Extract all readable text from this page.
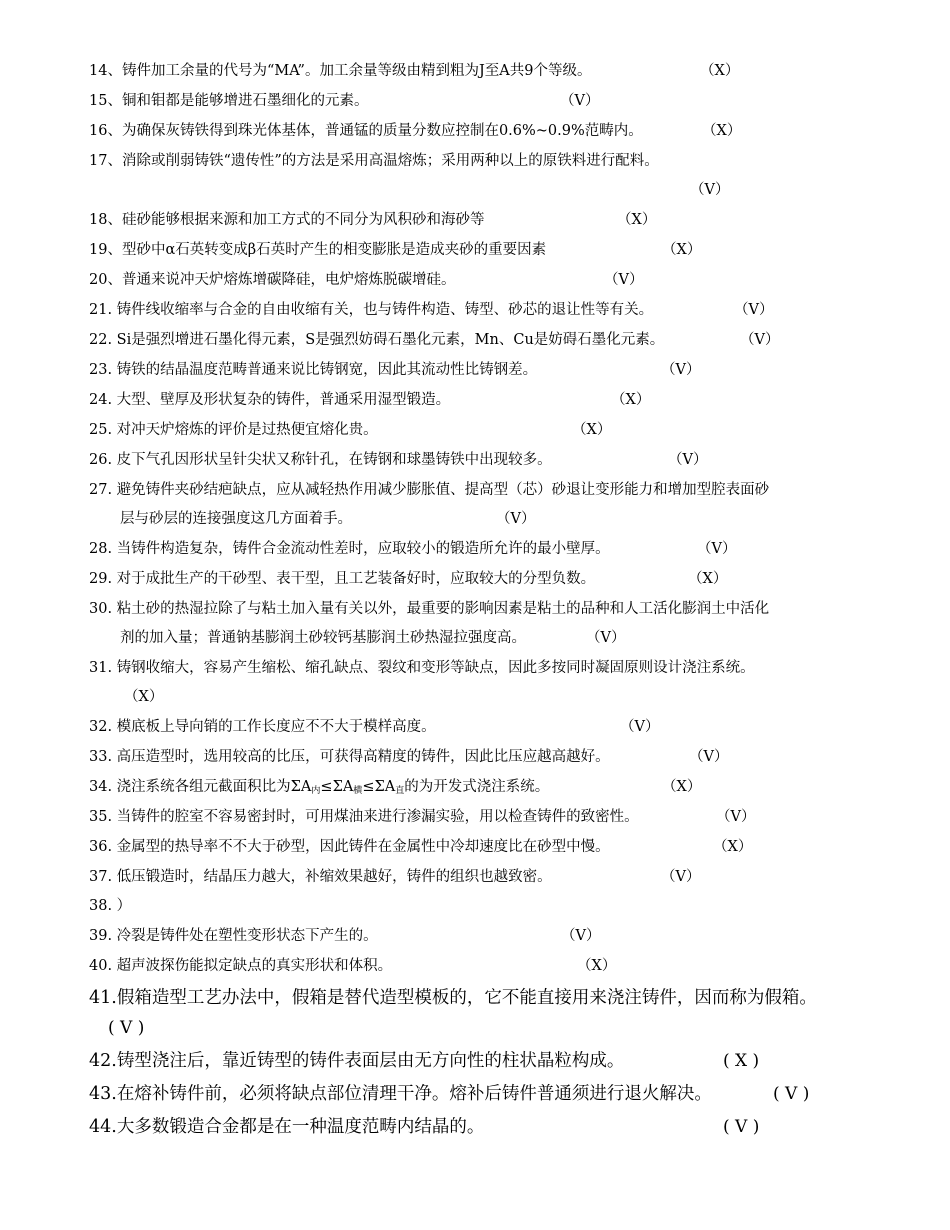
14、铸件加工余量的代号为“MA”。加工余量等级由精到粗为J至A共9个等级。	（X）
15、铜和钼都是能够增进石墨细化的元素。	（V）
16、为确保灰铸铁得到珠光体基体，普通锰的质量分数应控制在0.6%~0.9%范畴内。	（X）
17、消除或削弱铸铁“遗传性”的方法是采用高温熔炼；采用两种以上的原铁料进行配料。
（V）
18、硅砂能够根据来源和加工方式的不同分为风积砂和海砂等	（X）
19、型砂中α石英转变成β石英时产生的相变膨胀是造成夹砂的重要因素	（X）
20、普通来说冲天炉熔炼增碳降硅，电炉熔炼脱碳增硅。	（V）
21. 铸件线收缩率与合金的自由收缩有关，也与铸件构造、铸型、砂芯的退让性等有关。	（V）
22. Si是强烈增进石墨化得元素，S是强烈妨碍石墨化元素，Mn、Cu是妨碍石墨化元素。	（V）
23. 铸铁的结晶温度范畴普通来说比铸钢宽，因此其流动性比铸钢差。	（V）
24. 大型、壁厚及形状复杂的铸件，普通采用湿型锻造。	（X）
25. 对冲天炉熔炼的评价是过热便宜熔化贵。	（X）
26. 皮下气孔因形状呈针尖状又称针孔，在铸钢和球墨铸铁中出现较多。	（V）
27. 避免铸件夹砂结疤缺点，应从减轻热作用减少膨胀值、提高型（芯）砂退让变形能力和增加型腔表面砂
层与砂层的连接强度这几方面着手。	（V）
28. 当铸件构造复杂，铸件合金流动性差时，应取较小的锻造所允许的最小壁厚。	（V）
29. 对于成批生产的干砂型、表干型，且工艺装备好时，应取较大的分型负数。	（X）
30. 粘土砂的热湿拉除了与粘土加入量有关以外，最重要的影响因素是粘土的品种和人工活化膨润土中活化
剂的加入量；普通钠基膨润土砂较钙基膨润土砂热湿拉强度高。	（V）
31. 铸钢收缩大，容易产生缩松、缩孔缺点、裂纹和变形等缺点，因此多按同时凝固原则设计浇注系统。
（X）
32. 模底板上导向销的工作长度应不不大于模样高度。	（V）
33. 高压造型时，选用较高的比压，可获得高精度的铸件，因此比压应越高越好。	（V）
34. 浇注系统各组元截面积比为$\Sigma A_内\le\Sigma A_横\le\Sigma A_直$的为开发式浇注系统。	（X）
35. 当铸件的腔室不容易密封时，可用煤油来进行渗漏实验，用以检查铸件的致密性。	（V）
36. 金属型的热导率不不大于砂型，因此铸件在金属性中冷却速度比在砂型中慢。	（X）
37. 低压锻造时，结晶压力越大，补缩效果越好，铸件的组织也越致密。	（V）
38. ）
39. 冷裂是铸件处在塑性变形状态下产生的。	（V）
40. 超声波探伤能拟定缺点的真实形状和体积。	（X）
41.假箱造型工艺办法中，假箱是替代造型模板的，它不能直接用来浇注铸件，因而称为假箱。
( V )
42.铸型浇注后，靠近铸型的铸件表面层由无方向性的柱状晶粒构成。	( X )
43.在熔补铸件前，必须将缺点部位清理干净。熔补后铸件普通须进行退火解决。	( V )
44.大多数锻造合金都是在一种温度范畴内结晶的。	( V )
